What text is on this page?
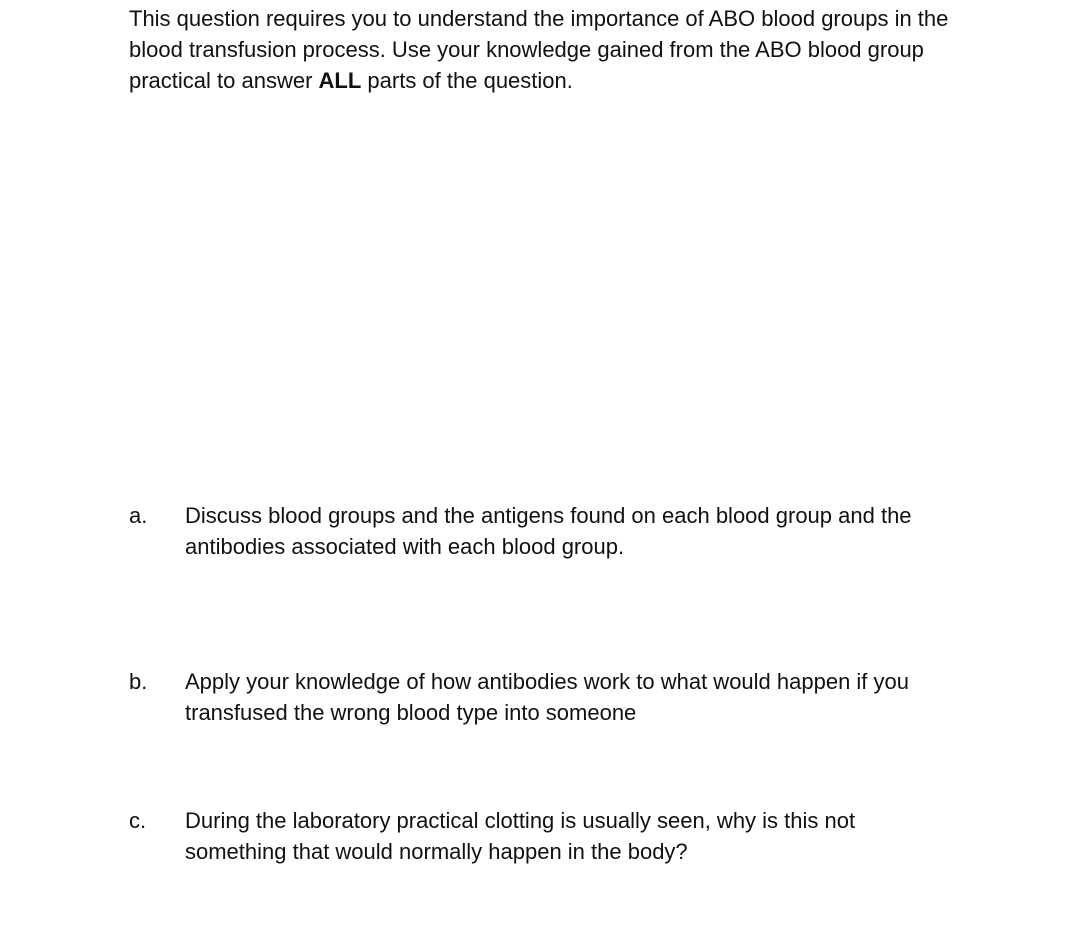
This question requires you to understand the importance of ABO blood groups in the blood transfusion process. Use your knowledge gained from the ABO blood group practical to answer ALL parts of the question.

a. Discuss blood groups and the antigens found on each blood group and the antibodies associated with each blood group.
b. Apply your knowledge of how antibodies work to what would happen if you transfused the wrong blood type into someone
c. During the laboratory practical clotting is usually seen, why is this not something that would normally happen in the body?
